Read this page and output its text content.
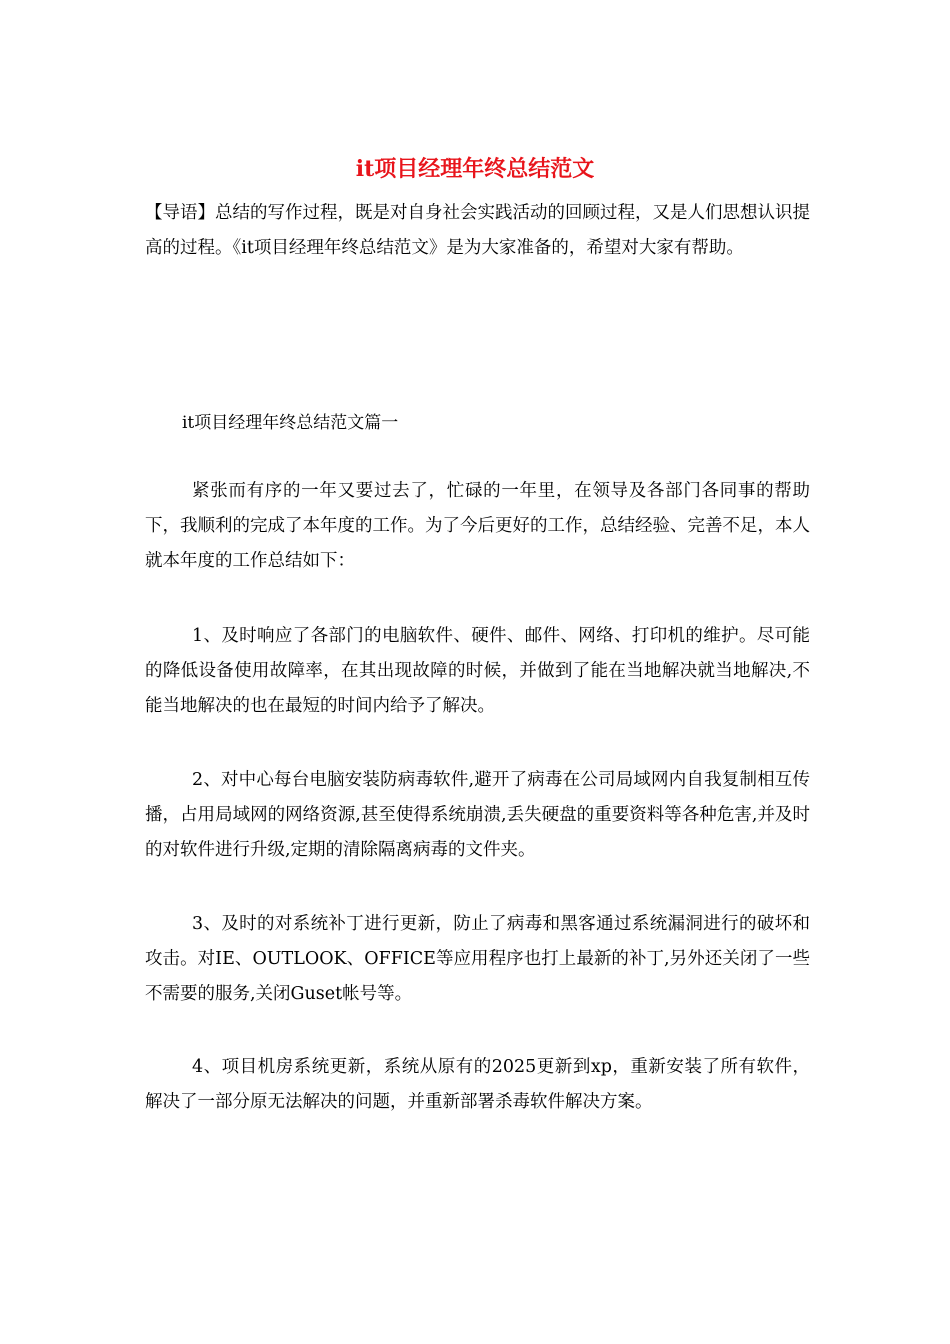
it项目经理年终总结范文

【导语】总结的写作过程，既是对自身社会实践活动的回顾过程，又是人们思想认识提高的过程。《it项目经理年终总结范文》是为大家准备的，希望对大家有帮助。

it项目经理年终总结范文篇一

紧张而有序的一年又要过去了，忙碌的一年里，在领导及各部门各同事的帮助下，我顺利的完成了本年度的工作。为了今后更好的工作，总结经验、完善不足，本人就本年度的工作总结如下：

1、及时响应了各部门的电脑软件、硬件、邮件、网络、打印机的维护。尽可能的降低设备使用故障率，在其出现故障的时候，并做到了能在当地解决就当地解决,不能当地解决的也在最短的时间内给予了解决。

2、对中心每台电脑安装防病毒软件,避开了病毒在公司局域网内自我复制相互传播，占用局域网的网络资源,甚至使得系统崩溃,丢失硬盘的重要资料等各种危害,并及时的对软件进行升级,定期的清除隔离病毒的文件夹。

3、及时的对系统补丁进行更新，防止了病毒和黑客通过系统漏洞进行的破坏和攻击。对IE、OUTLOOK、OFFICE等应用程序也打上最新的补丁,另外还关闭了一些不需要的服务,关闭Guset帐号等。

4、项目机房系统更新，系统从原有的2025更新到xp，重新安装了所有软件，解决了一部分原无法解决的问题，并重新部署杀毒软件解决方案。
